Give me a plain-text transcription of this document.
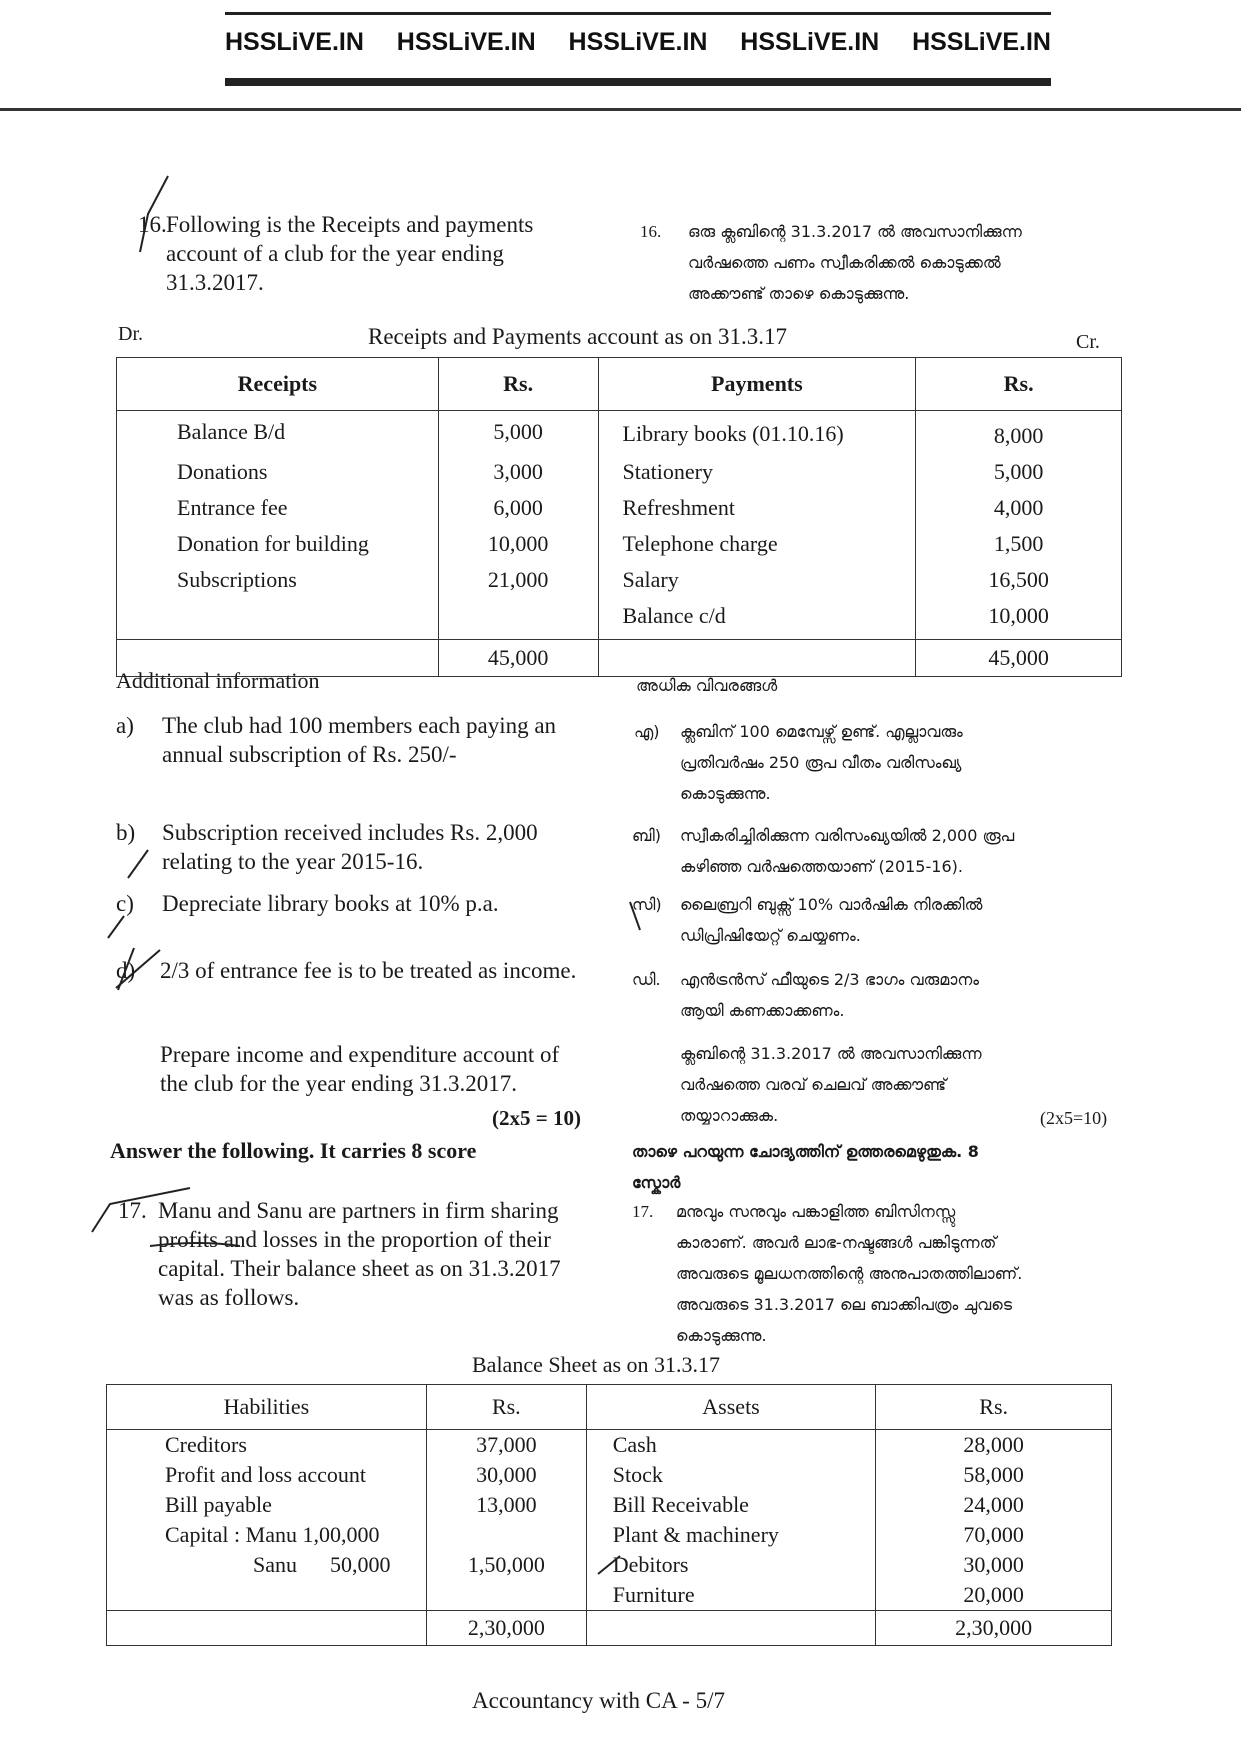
HSSLiVE.IN HSSLiVE.IN HSSLiVE.IN HSSLiVE.IN HSSLiVE.IN
16. Following is the Receipts and payments
account of a club for the year ending
31.3.2017.
16. ഒരു ക്ലബിന്റെ 31.3.2017 ൽ അവസാനിക്കുന്ന
വർഷത്തെ പണം സ്വീകരിക്കൽ കൊടുക്കൽ
അക്കൗണ്ട് താഴെ കൊടുക്കുന്നു.
Dr.	Receipts and Payments account as on 31.3.17	Cr.
Receipts	Rs.	Payments	Rs.
Balance B/d	5,000	Library books (01.10.16)	8,000
Donations	3,000	Stationery	5,000
Entrance fee	6,000	Refreshment	4,000
Donation for building	10,000	Telephone charge	1,500
Subscriptions	21,000	Salary	16,500
		Balance c/d	10,000
	45,000		45,000
Additional information	അധിക വിവരങ്ങൾ
a) The club had 100 members each paying an
annual subscription of Rs. 250/-
എ) ക്ലബിന് 100 മെമ്പേഴ്സ് ഉണ്ട്. എല്ലാവരും
പ്രതിവർഷം 250 രൂപ വീതം വരിസംഖ്യ
കൊടുക്കുന്നു.
b) Subscription received includes Rs. 2,000
relating to the year 2015-16.
ബി) സ്വീകരിച്ചിരിക്കുന്ന വരിസംഖ്യയിൽ 2,000 രൂപ
കഴിഞ്ഞ വർഷത്തെയാണ് (2015-16).
c) Depreciate library books at 10% p.a.	സി) ലൈബ്രറി ബുക്സ് 10% വാർഷിക നിരക്കിൽ
ഡിപ്രിഷിയേറ്റ് ചെയ്യണം.
d) 2/3 of entrance fee is to be treated as income.	ഡി. എൻട്രൻസ് ഫീയുടെ 2/3 ഭാഗം വരുമാനം
ആയി കണക്കാക്കണം.
Prepare income and expenditure account of
the club for the year ending 31.3.2017.
(2x5 = 10)
ക്ലബിന്റെ 31.3.2017 ൽ അവസാനിക്കുന്ന
വർഷത്തെ വരവ് ചെലവ് അക്കൗണ്ട്
തയ്യാറാക്കുക.	(2x5=10)
Answer the following. It carries 8 score	താഴെ പറയുന്ന ചോദ്യത്തിന് ഉത്തരമെഴുതുക. 8
സ്കോർ
17. Manu and Sanu are partners in firm sharing
profits and losses in the proportion of their
capital. Their balance sheet as on 31.3.2017
was as follows.
17. മനുവും സനുവും പങ്കാളിത്ത ബിസിനസ്സു
കാരാണ്. അവർ ലാഭ-നഷ്ടങ്ങൾ പങ്കിടുന്നത്
അവരുടെ മൂലധനത്തിന്റെ അനുപാതത്തിലാണ്.
അവരുടെ 31.3.2017 ലെ ബാക്കിപത്രം ചുവടെ
കൊടുക്കുന്നു.
Balance Sheet as on 31.3.17
Habilities	Rs.	Assets	Rs.
Creditors	37,000	Cash	28,000
Profit and loss account	30,000	Stock	58,000
Bill payable	13,000	Bill Receivable	24,000
Capital : Manu 1,00,000		Plant & machinery	70,000
Sanu      50,000	1,50,000	Debitors	30,000
		Furniture	20,000
	2,30,000		2,30,000
Accountancy with CA - 5/7
